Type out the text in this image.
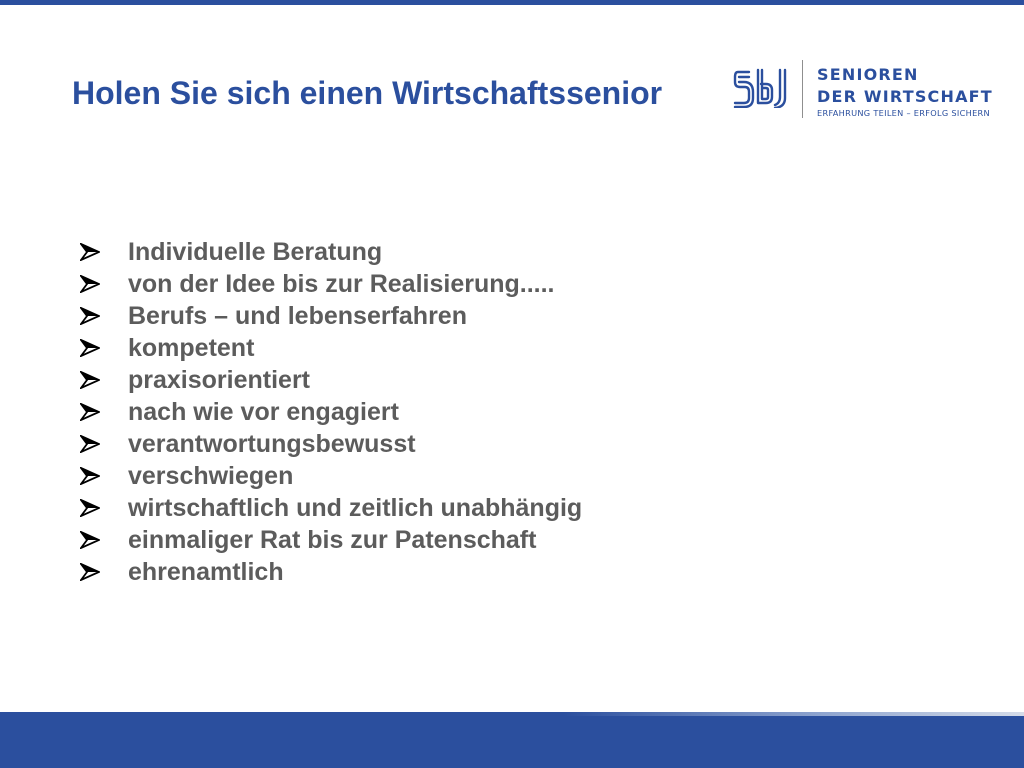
Holen Sie sich einen Wirtschaftssenior
SENIOREN
DER WIRTSCHAFT
ERFAHRUNG TEILEN – ERFOLG SICHERN
Individuelle Beratung
von der Idee bis zur Realisierung.....
Berufs – und lebenserfahren
kompetent
praxisorientiert
nach wie vor engagiert
verantwortungsbewusst
verschwiegen
wirtschaftlich und zeitlich unabhängig
einmaliger Rat bis zur Patenschaft
ehrenamtlich
